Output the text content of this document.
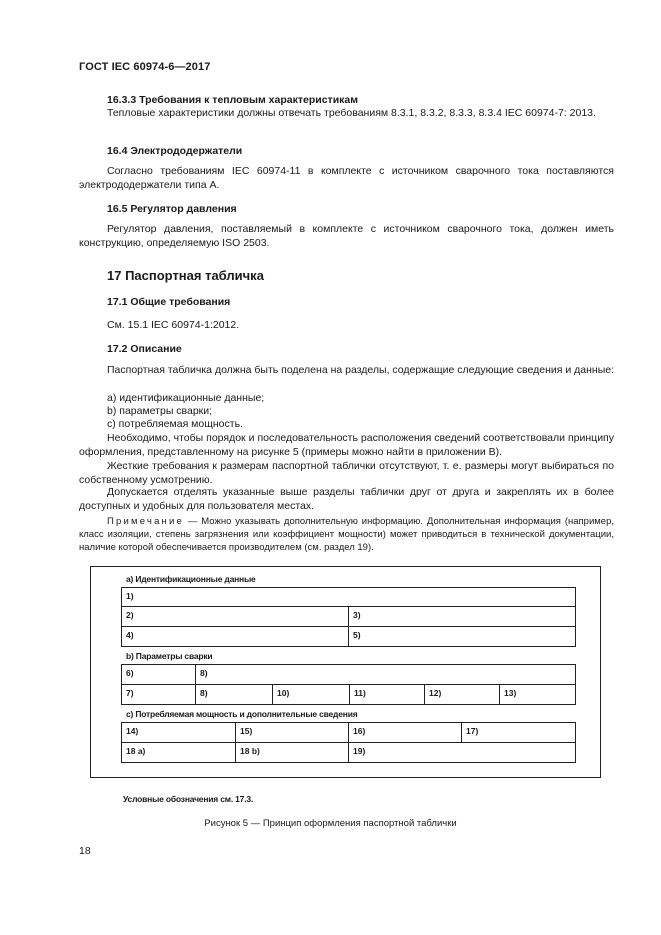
ГОСТ IEC 60974-6—2017
16.3.3 Требования к тепловым характеристикам
Тепловые характеристики должны отвечать требованиям 8.3.1, 8.3.2, 8.3.3, 8.3.4 IEC 60974-7: 2013.
16.4 Электрододержатели
Согласно требованиям IEC 60974-11 в комплекте с источником сварочного тока поставляются электрододержатели типа А.
16.5 Регулятор давления
Регулятор давления, поставляемый в комплекте с источником сварочного тока, должен иметь конструкцию, определяемую ISO 2503.
17 Паспортная табличка
17.1 Общие требования
См. 15.1 IEC 60974-1:2012.
17.2 Описание
Паспортная табличка должна быть поделена на разделы, содержащие следующие сведения и данные:
a) идентификационные данные;
b) параметры сварки;
c) потребляемая мощность.
Необходимо, чтобы порядок и последовательность расположения сведений соответствовали принципу оформления, представленному на рисунке 5 (примеры можно найти в приложении В).
Жесткие требования к размерам паспортной таблички отсутствуют, т. е. размеры могут выбираться по собственному усмотрению.
Допускается отделять указанные выше разделы таблички друг от друга и закреплять их в более доступных и удобных для пользователя местах.
Примечание — Можно указывать дополнительную информацию. Дополнительная информация (например, класс изоляции, степень загрязнения или коэффициент мощности) может приводиться в технической документации, наличие которой обеспечивается производителем (см. раздел 19).
а) Идентификационные данные
1)
2)	3)
4)	5)
b) Параметры сварки
6)	8)
7)	8)	10)	11)	12)	13)
c) Потребляемая мощность и дополнительные сведения
14)	15)	16)	17)
18 a)	18 b)	19)
Условные обозначения см. 17.3.
Рисунок 5 — Принцип оформления паспортной таблички
18
